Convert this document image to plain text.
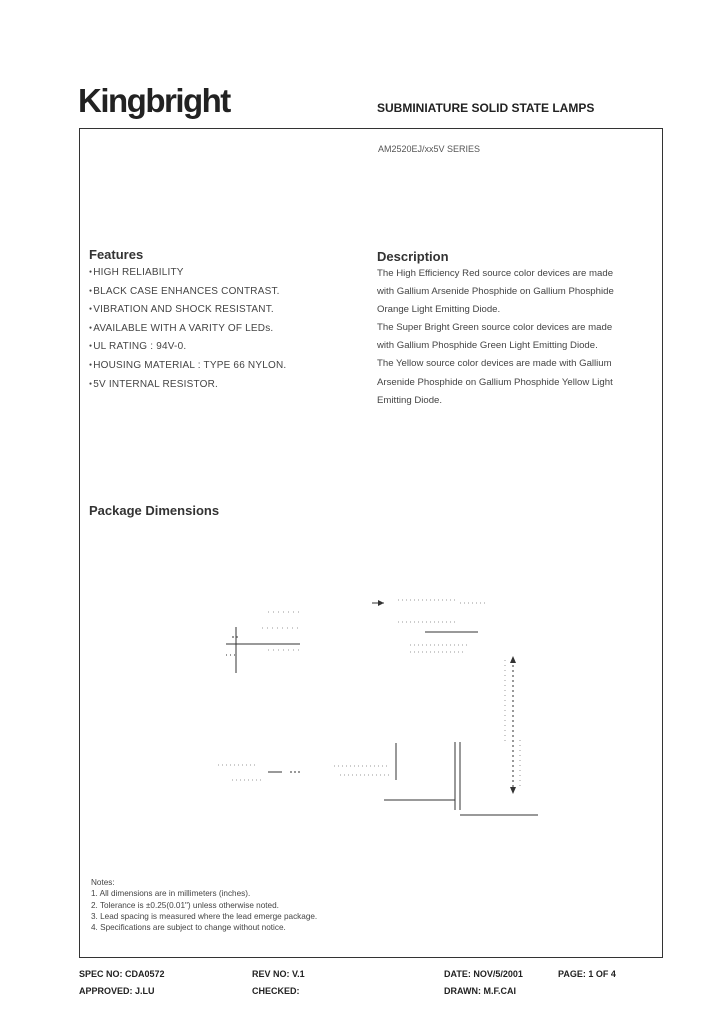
Kingbright	SUBMINIATURE SOLID STATE LAMPS
AM2520EJ/xx5V SERIES
Features
● HIGH RELIABILITY
● BLACK CASE ENHANCES CONTRAST.
● VIBRATION AND SHOCK RESISTANT.
● AVAILABLE WITH A VARITY OF LEDs.
● UL RATING : 94V-0.
● HOUSING MATERIAL : TYPE 66 NYLON.
● 5V INTERNAL RESISTOR.
Description
The High Efficiency Red source color devices are made
with Gallium Arsenide Phosphide on Gallium Phosphide
Orange Light Emitting Diode.
The Super Bright Green source color devices are made
with Gallium Phosphide Green Light Emitting Diode.
The Yellow source color devices are made with Gallium
Arsenide Phosphide on Gallium Phosphide Yellow Light
Emitting Diode.
Package Dimensions
Notes:
1. All dimensions are in millimeters (inches).
2. Tolerance is ±0.25(0.01") unless otherwise noted.
3. Lead spacing is measured where the lead emerge package.
4. Specifications are subject to change without notice.
SPEC NO: CDA0572	REV NO: V.1	DATE: NOV/5/2001	PAGE: 1 OF 4
APPROVED: J.LU	CHECKED:	DRAWN: M.F.CAI
